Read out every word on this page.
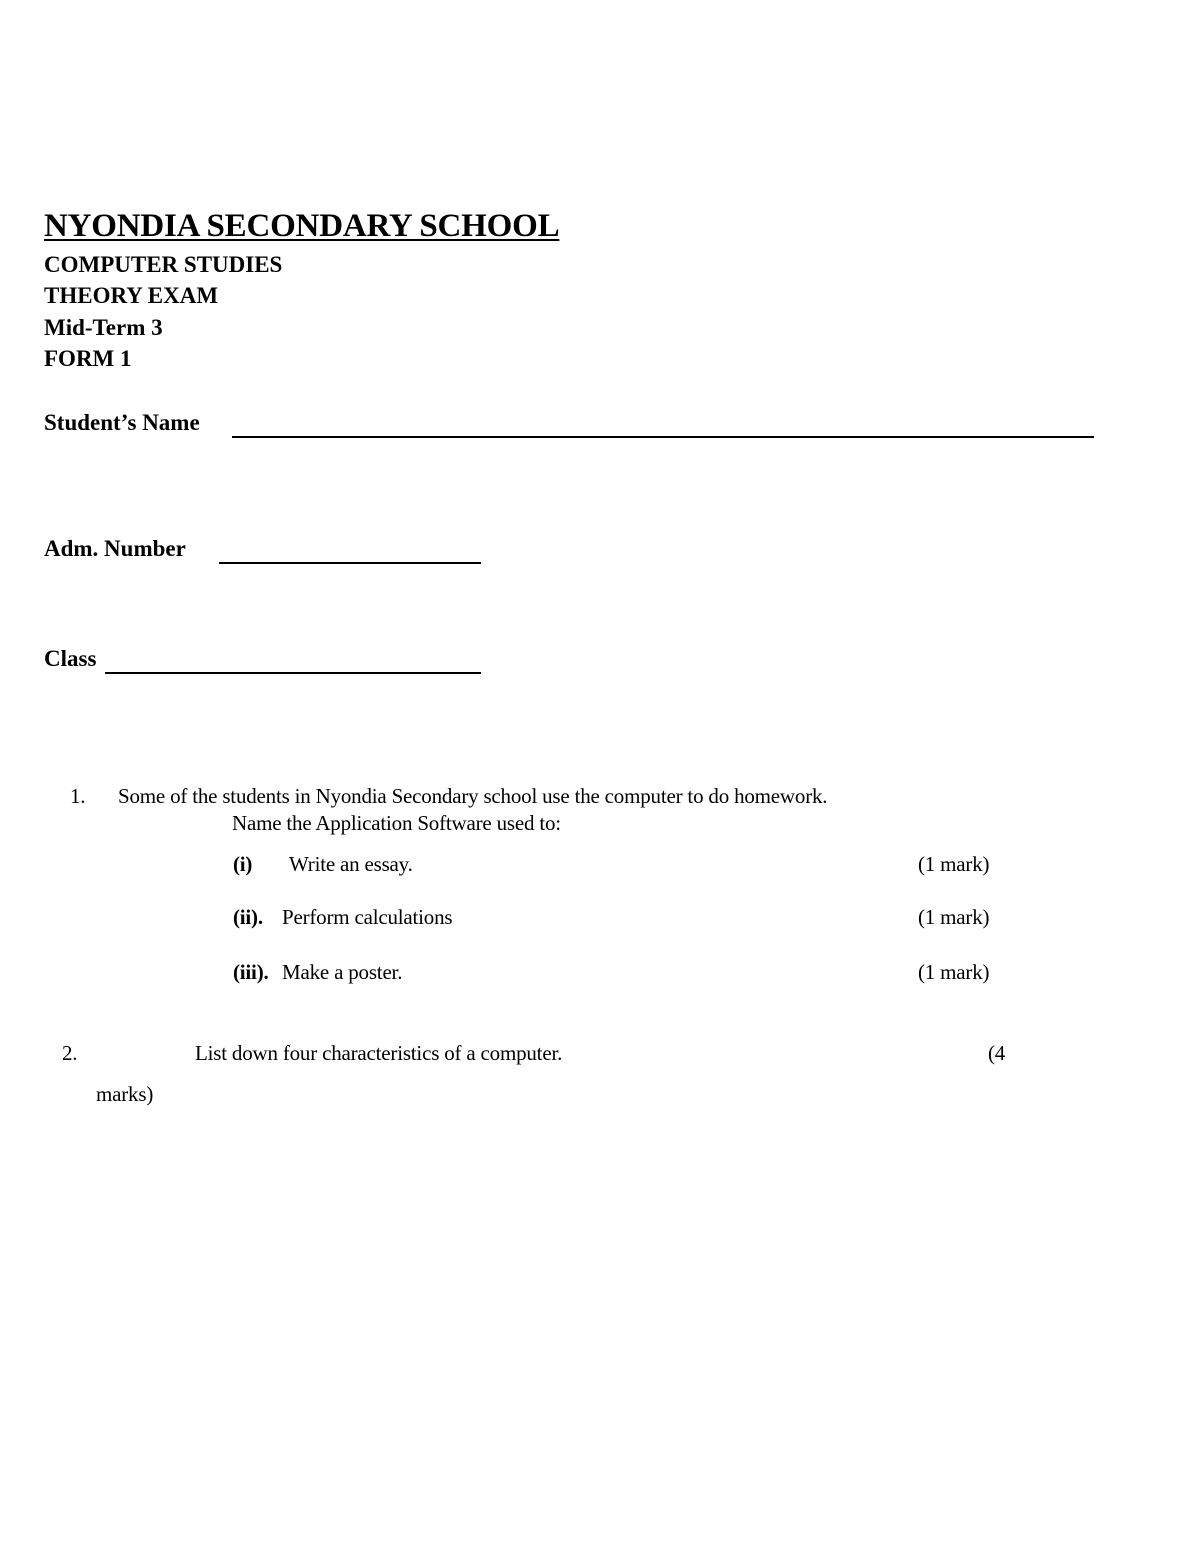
NYONDIA SECONDARY SCHOOL
COMPUTER STUDIES
THEORY EXAM
Mid-Term 3
FORM 1
Student’s Name
Adm. Number
Class
1. Some of the students in Nyondia Secondary school use the computer to do homework.
Name the Application Software used to:
(i) Write an essay.	(1 mark)
(ii). Perform calculations	(1 mark)
(iii). Make a poster.	(1 mark)
2.	List down four characteristics of a computer.	(4
marks)
